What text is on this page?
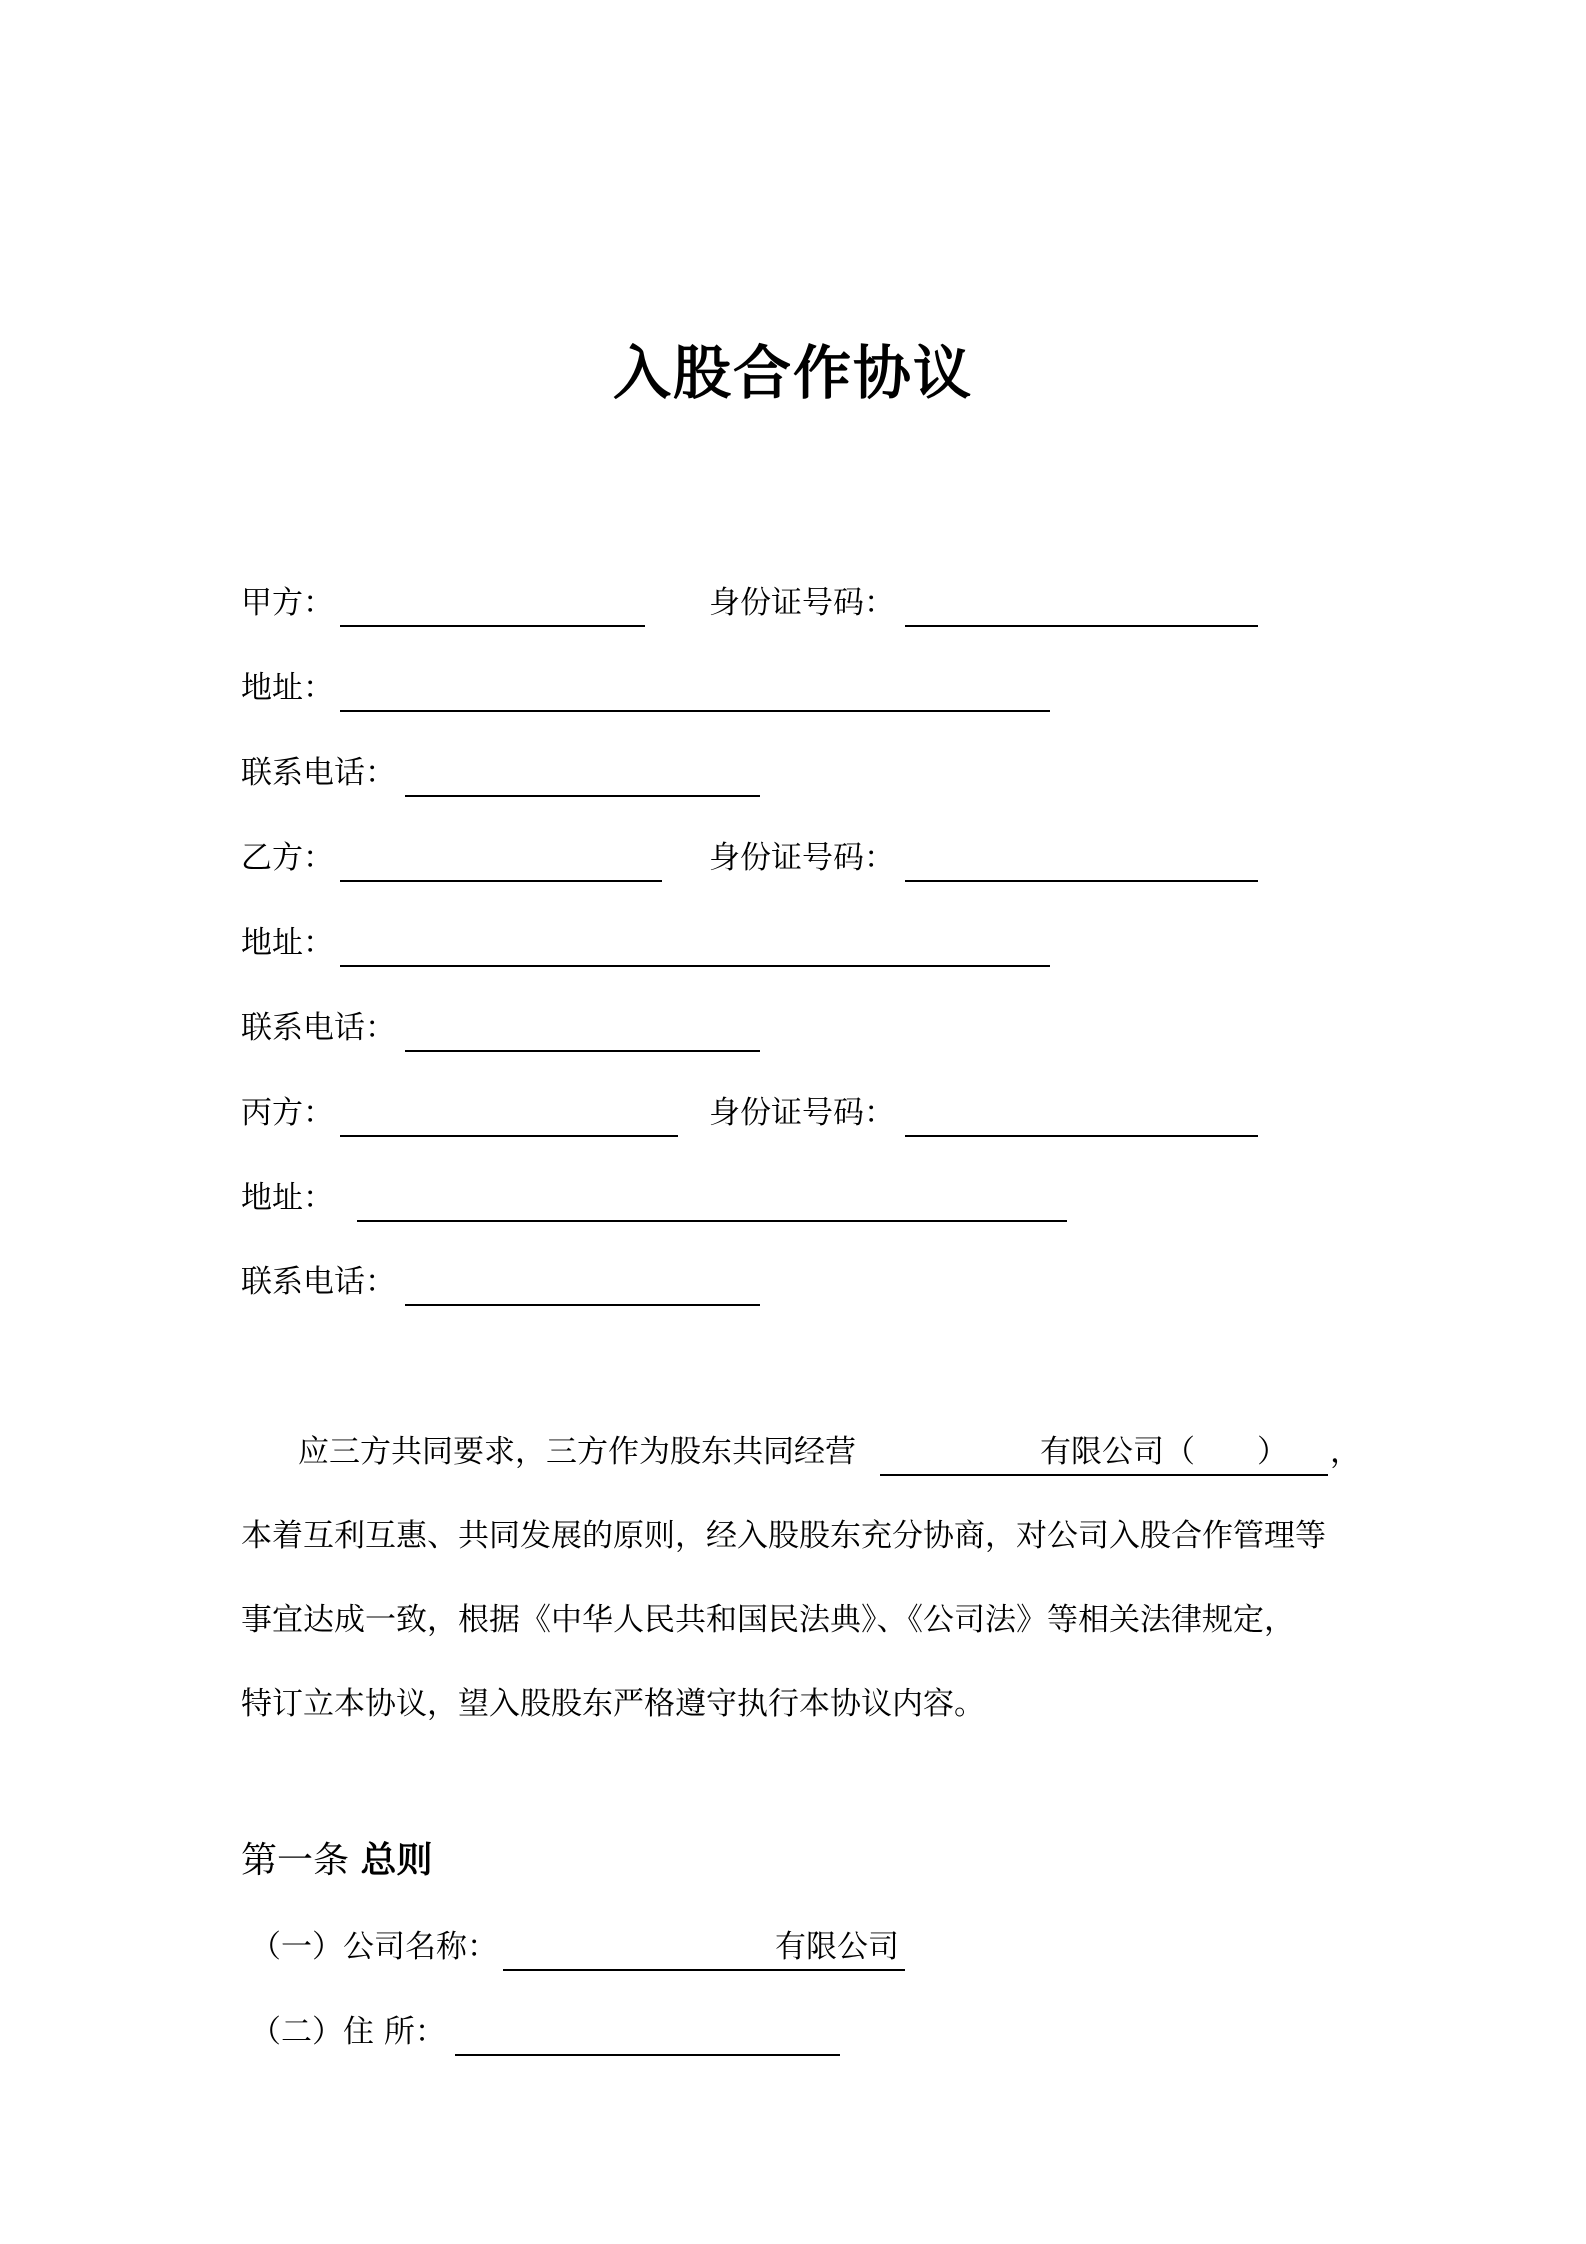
入股合作协议
甲方：	身份证号码：
地址：
联系电话：
乙方：	身份证号码：
地址：
联系电话：
丙方：	身份证号码：
地址：
联系电话：
应三方共同要求，三方作为股东共同经营	有限公司（　　） ，
本着互利互惠、共同发展的原则，经入股股东充分协商，对公司入股合作管理等
事宜达成一致，根据《中华人民共和国民法典》、《公司法》等相关法律规定，
特订立本协议，望入股股东严格遵守执行本协议内容。
第一条 总则
（一）公司名称：	有限公司
（二）住 所：
